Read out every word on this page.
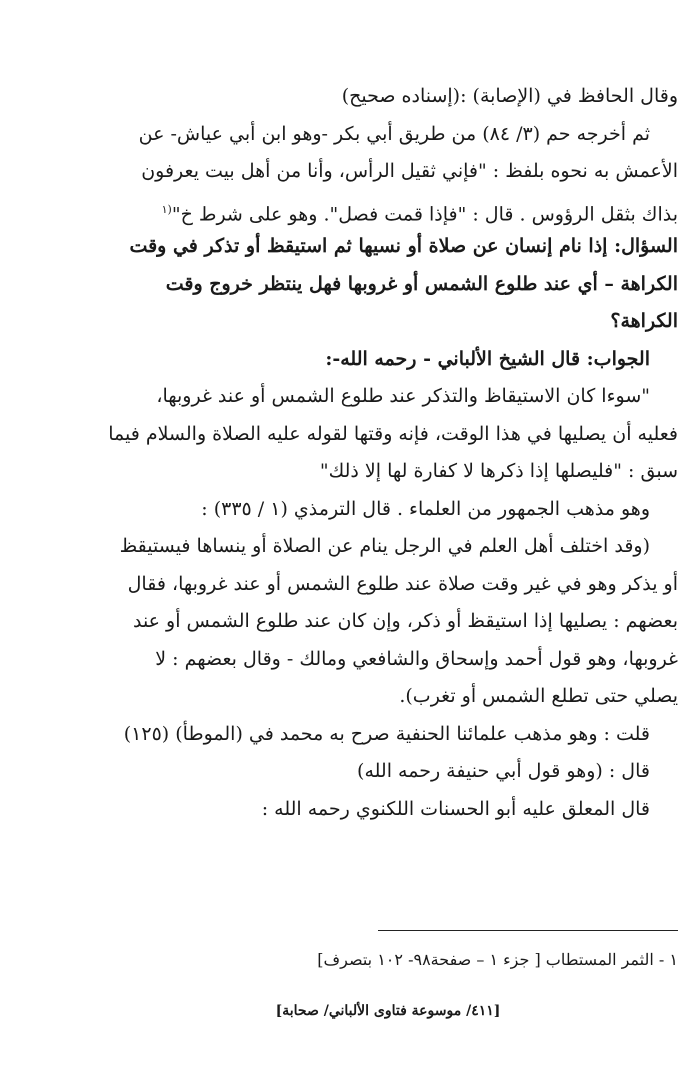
وقال الحافظ في (الإصابة) :(إسناده صحيح)
ثم أخرجه حم (٣/ ٨٤) من طريق أبي بكر -وهو ابن أبي عياش- عن
الأعمش به نحوه بلفظ : "فإني ثقيل الرأس، وأنا من أهل بيت يعرفون
بذاك بثقل الرؤوس . قال : "فإذا قمت فصل". وهو على شرط خ"$^{(١}$
السؤال: إذا نام إنسان عن صلاة أو نسيها ثم استيقظ أو تذكر في وقت
الكراهة – أي عند طلوع الشمس أو غروبها فهل ينتظر خروج وقت
الكراهة؟
الجواب: قال الشيخ الألباني - رحمه الله-:
"سوءا كان الاستيقاظ والتذكر عند طلوع الشمس أو عند غروبها،
فعليه أن يصليها في هذا الوقت، فإنه وقتها لقوله عليه الصلاة والسلام فيما
سبق : "فليصلها إذا ذكرها لا كفارة لها إلا ذلك"
وهو مذهب الجمهور من العلماء . قال الترمذي (١ / ٣٣٥) :
(وقد اختلف أهل العلم في الرجل ينام عن الصلاة أو ينساها فيستيقظ
أو يذكر وهو في غير وقت صلاة عند طلوع الشمس أو عند غروبها، فقال
بعضهم : يصليها إذا استيقظ أو ذكر، وإن كان عند طلوع الشمس أو عند
غروبها، وهو قول أحمد وإسحاق والشافعي ومالك - وقال بعضهم : لا
يصلي حتى تطلع الشمس أو تغرب).
قلت : وهو مذهب علمائنا الحنفية صرح به محمد في (الموطأ) (١٢٥)
قال : (وهو قول أبي حنيفة رحمه الله)
قال المعلق عليه أبو الحسنات اللكنوي رحمه الله :
١ - الثمر المستطاب [ جزء ١ – صفحة٩٨- ١٠٢ بتصرف]
[٤١١/ موسوعة فتاوى الألباني/ صحابة]
